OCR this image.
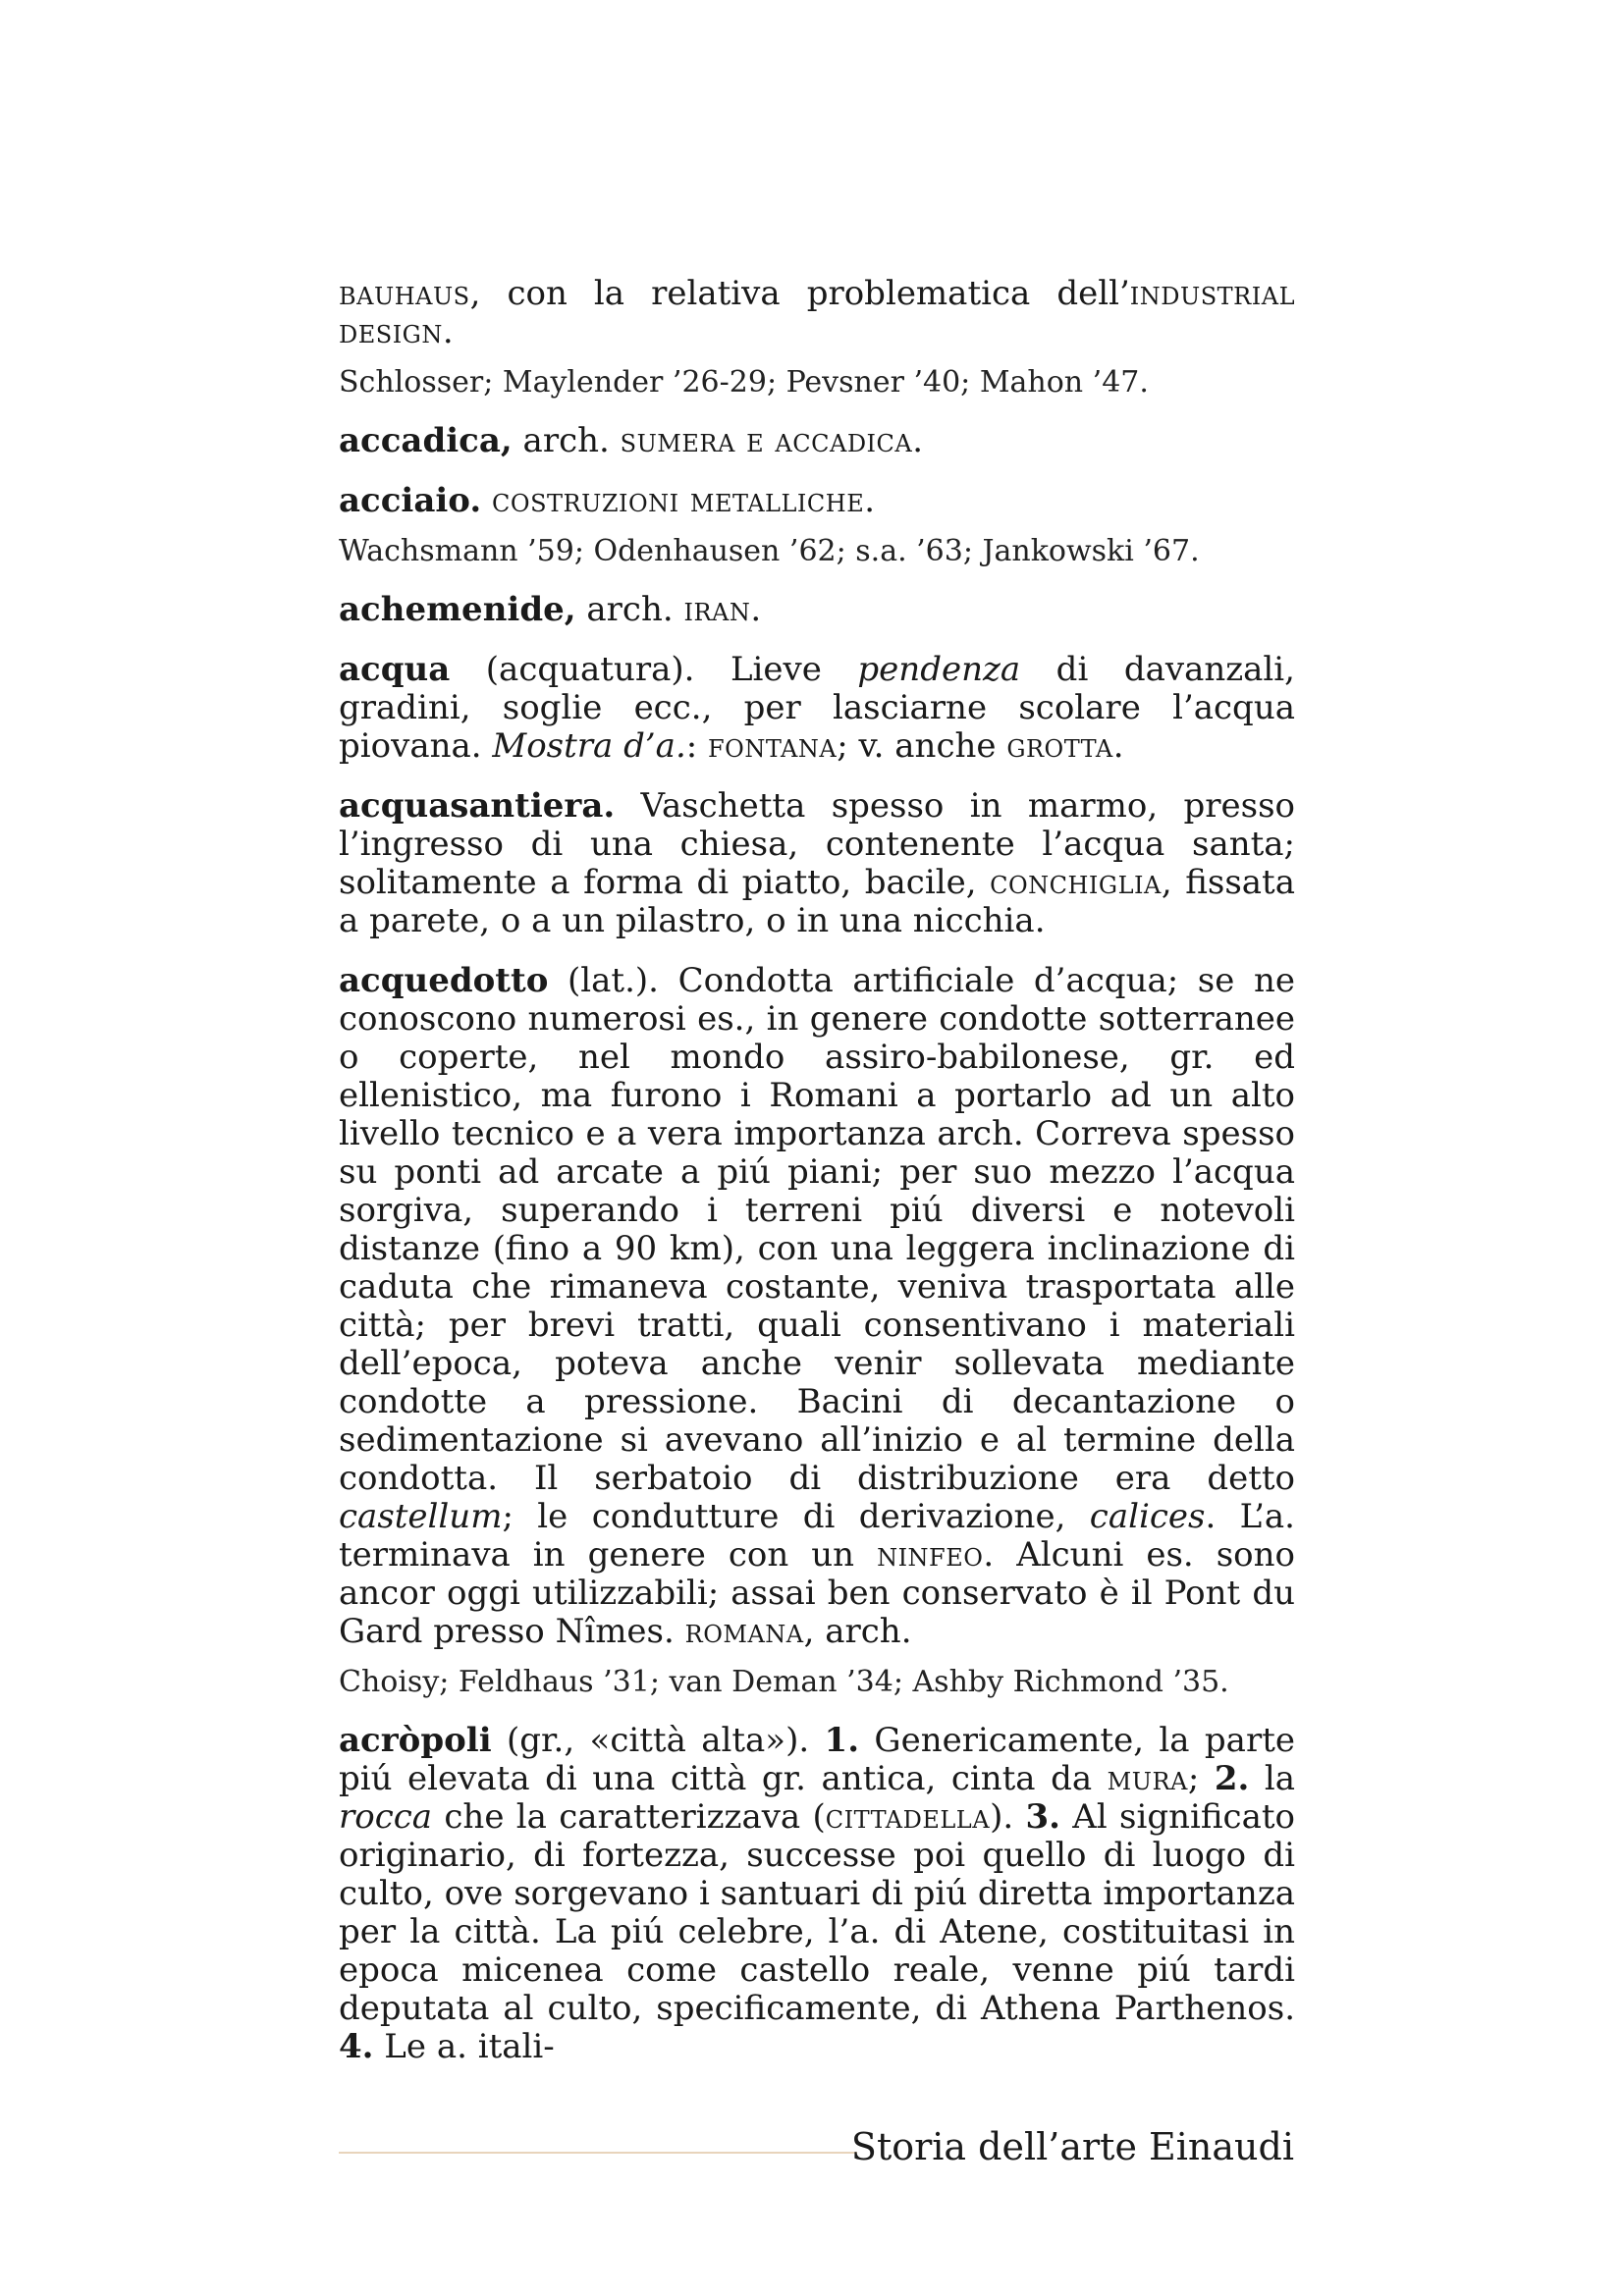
bauhaus, con la relativa problematica dell’industrial design.

Schlosser; Maylender ’26-29; Pevsner ’40; Mahon ’47.

accadica, arch. sumera e accadica.

acciaio. costruzioni metalliche.

Wachsmann ’59; Odenhausen ’62; s.a. ’63; Jankowski ’67.

achemenide, arch. iran.

acqua (acquatura). Lieve pendenza di davanzali, gradini, soglie ecc., per lasciarne scolare l’acqua piovana. Mostra d’a.: fontana; v. anche grotta.

acquasantiera. Vaschetta spesso in marmo, presso l’ingresso di una chiesa, contenente l’acqua santa; solitamente a forma di piatto, bacile, conchiglia, fissata a parete, o a un pilastro, o in una nicchia.

acquedotto (lat.). Condotta artificiale d’acqua; se ne conoscono numerosi es., in genere condotte sotterranee o coperte, nel mondo assiro-babilonese, gr. ed ellenistico, ma furono i Romani a portarlo ad un alto livello tecnico e a vera importanza arch. Correva spesso su ponti ad arcate a piú piani; per suo mezzo l’acqua sorgiva, superando i terreni piú diversi e notevoli distanze (fino a 90 km), con una leggera inclinazione di caduta che rimaneva costante, veniva trasportata alle città; per brevi tratti, quali consentivano i materiali dell’epoca, poteva anche venir sollevata mediante condotte a pressione. Bacini di decantazione o sedimentazione si avevano all’inizio e al termine della condotta. Il serbatoio di distribuzione era detto castellum; le condutture di derivazione, calices. L’a. terminava in genere con un ninfeo. Alcuni es. sono ancor oggi utilizzabili; assai ben conservato è il Pont du Gard presso Nîmes. romana, arch.

Choisy; Feldhaus ’31; van Deman ’34; Ashby Richmond ’35.

acròpoli (gr., «città alta»). 1. Genericamente, la parte piú elevata di una città gr. antica, cinta da mura; 2. la rocca che la caratterizzava (cittadella). 3. Al significato originario, di fortezza, successe poi quello di luogo di culto, ove sorgevano i santuari di piú diretta importanza per la città. La piú celebre, l’a. di Atene, costituitasi in epoca micenea come castello reale, venne piú tardi deputata al culto, specificamente, di Athena Parthenos. 4. Le a. itali-

Storia dell’arte Einaudi
